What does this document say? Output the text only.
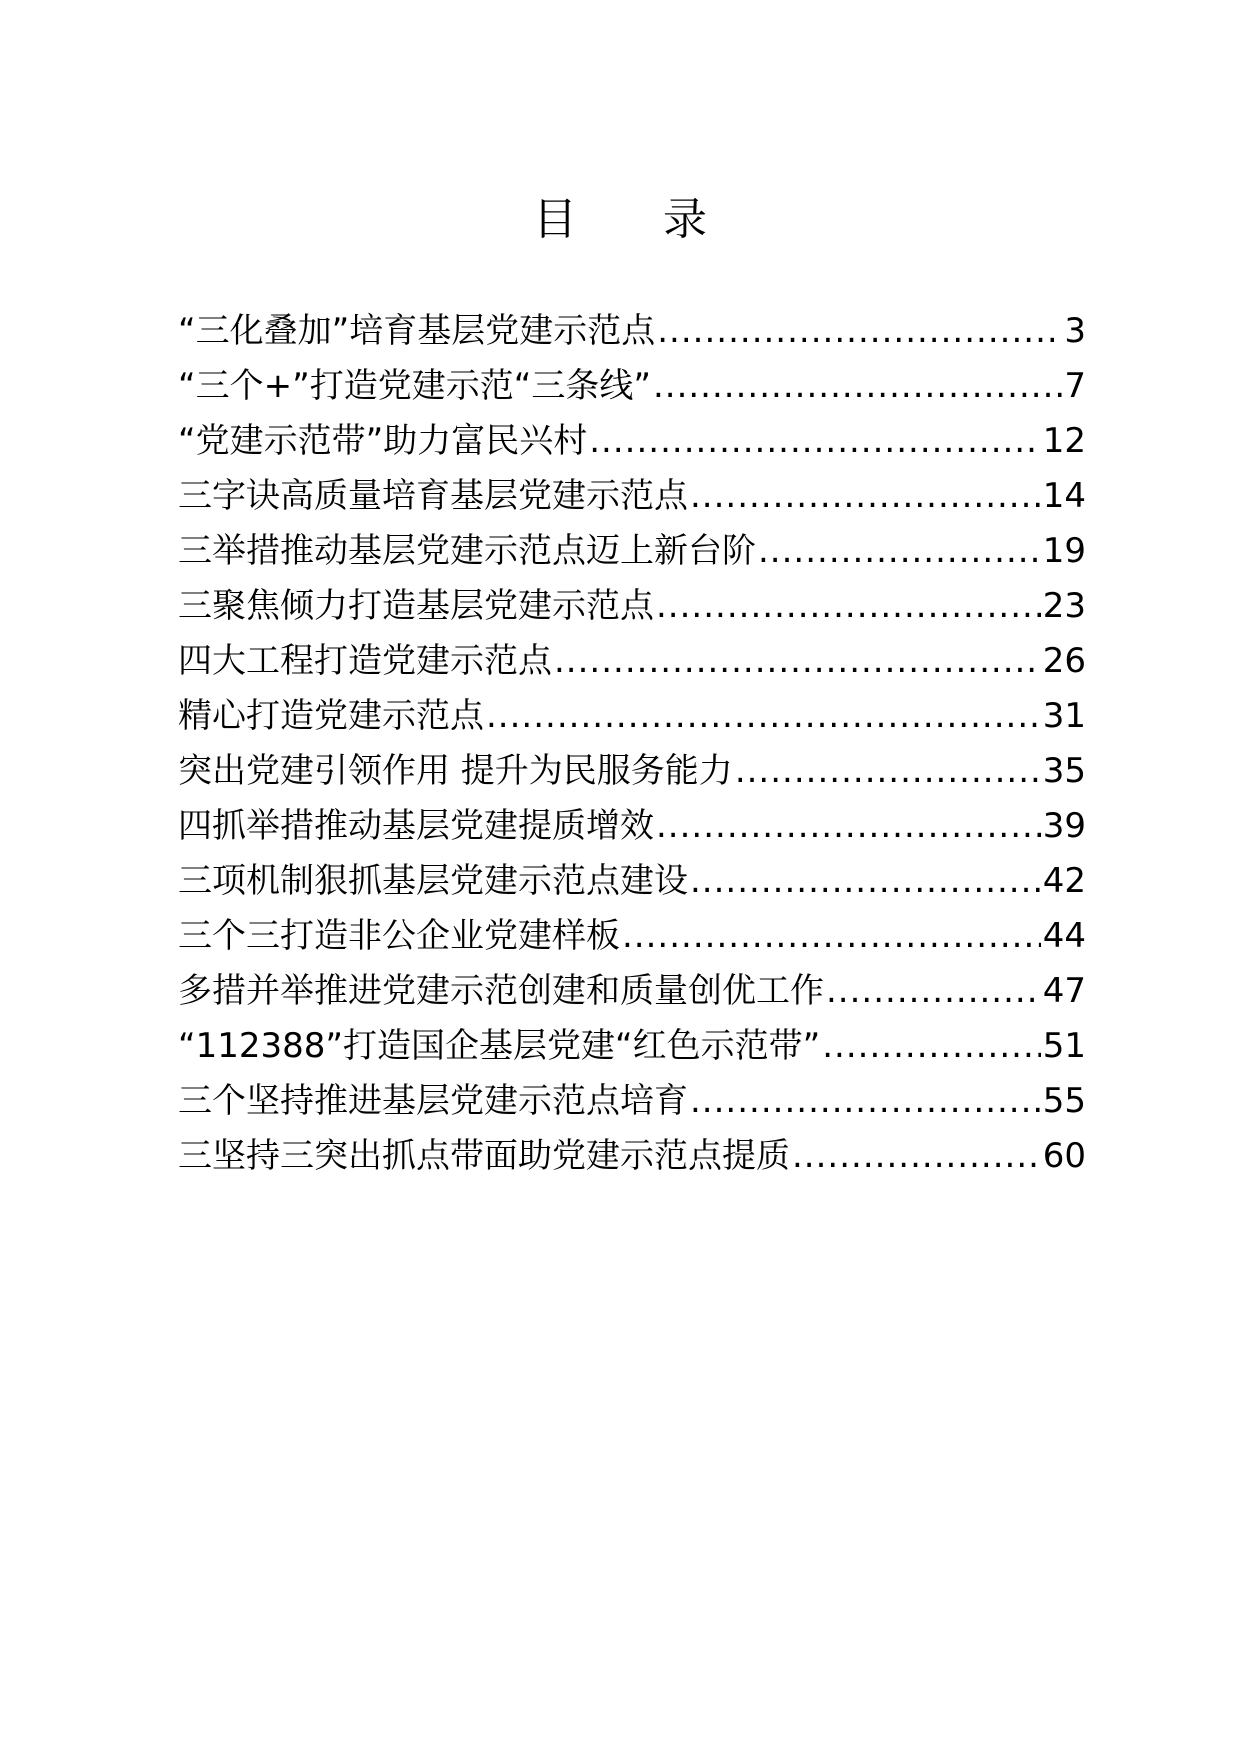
目 录
“三化叠加”培育基层党建示范点 .....	3
“三个+”打造党建示范“三条线” .....	7
“党建示范带”助力富民兴村 .....	12
三字诀高质量培育基层党建示范点 .....	14
三举措推动基层党建示范点迈上新台阶 .....	19
三聚焦倾力打造基层党建示范点 .....	23
四大工程打造党建示范点 .....	26
精心打造党建示范点 .....	31
突出党建引领作用 提升为民服务能力 .....	35
四抓举措推动基层党建提质增效 .....	39
三项机制狠抓基层党建示范点建设 .....	42
三个三打造非公企业党建样板 .....	44
多措并举推进党建示范创建和质量创优工作 .....	47
“112388”打造国企基层党建“红色示范带” .....	51
三个坚持推进基层党建示范点培育 .....	55
三坚持三突出抓点带面助党建示范点提质 .....	60
